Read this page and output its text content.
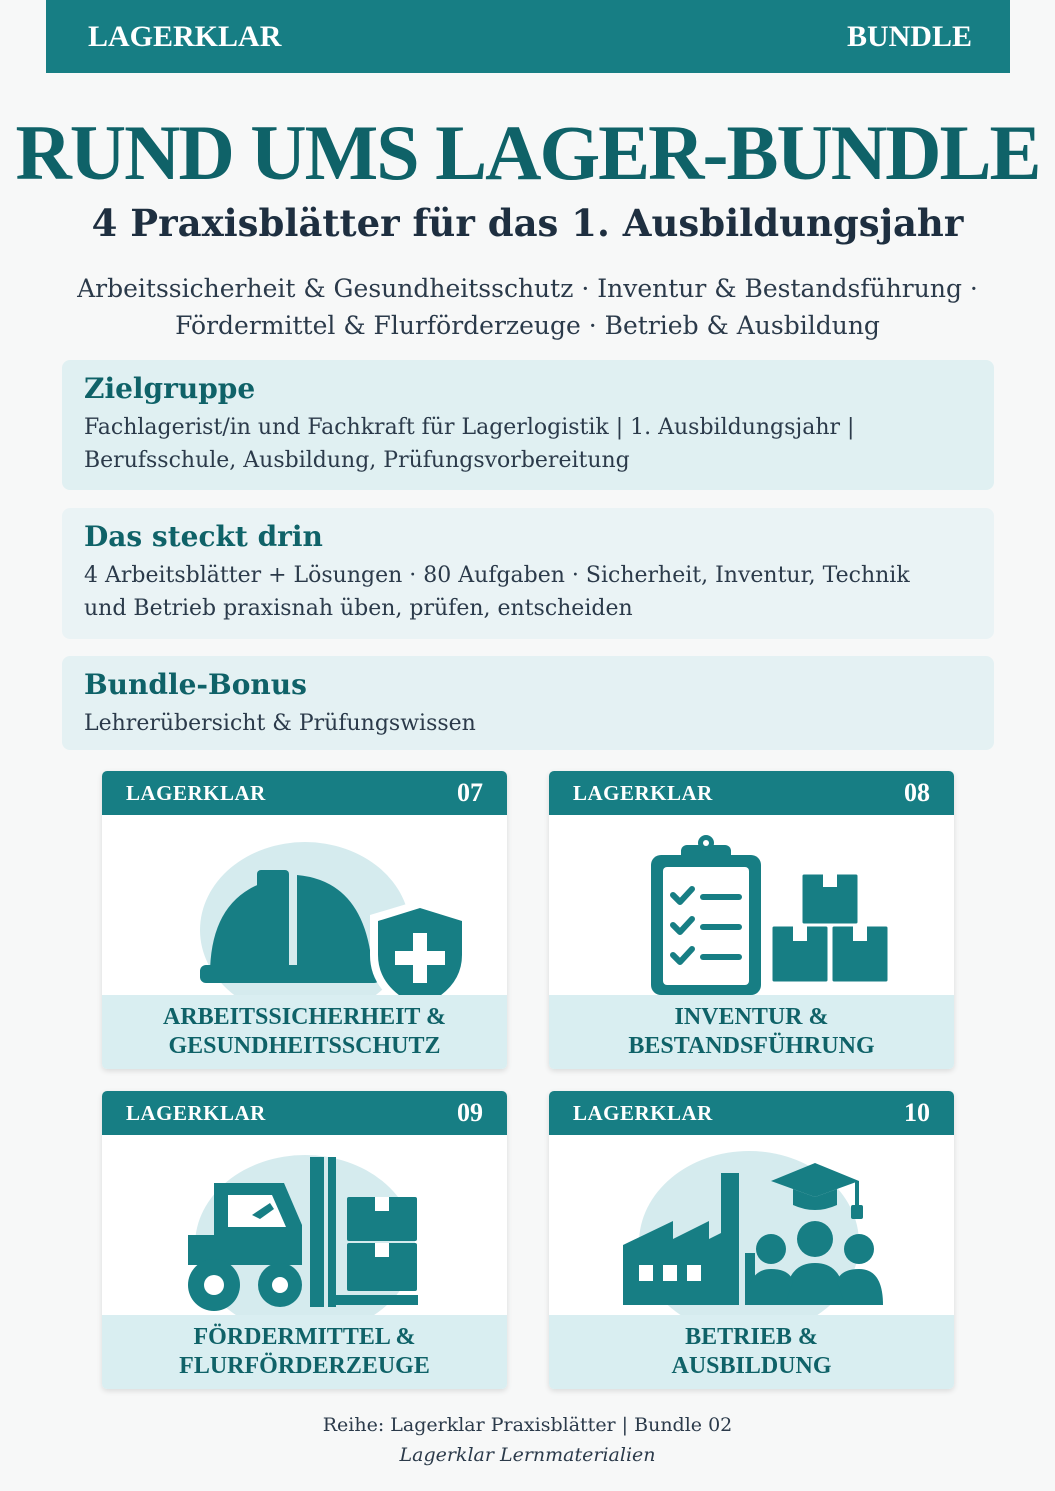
LAGERKLAR	BUNDLE
RUND UMS LAGER-BUNDLE
4 Praxisblätter für das 1. Ausbildungsjahr
Arbeitssicherheit & Gesundheitsschutz · Inventur & Bestandsführung ·
Fördermittel & Flurförderzeuge · Betrieb & Ausbildung
Zielgruppe

Fachlagerist/in und Fachkraft für Lagerlogistik | 1. Ausbildungsjahr |

Berufsschule, Ausbildung, Prüfungsvorbereitung

Das steckt drin

4 Arbeitsblätter + Lösungen · 80 Aufgaben · Sicherheit, Inventur, Technik

und Betrieb praxisnah üben, prüfen, entscheiden

Bundle-Bonus

Lehrerübersicht & Prüfungswissen

LAGERKLAR	07
ARBEITSSICHERHEIT &
GESUNDHEITSSCHUTZ
LAGERKLAR	08
INVENTUR &
BESTANDSFÜHRUNG
LAGERKLAR	09
FÖRDERMITTEL &
FLURFÖRDERZEUGE
LAGERKLAR	10
BETRIEB &
AUSBILDUNG
Reihe: Lagerklar Praxisblätter | Bundle 02
Lagerklar Lernmaterialien
